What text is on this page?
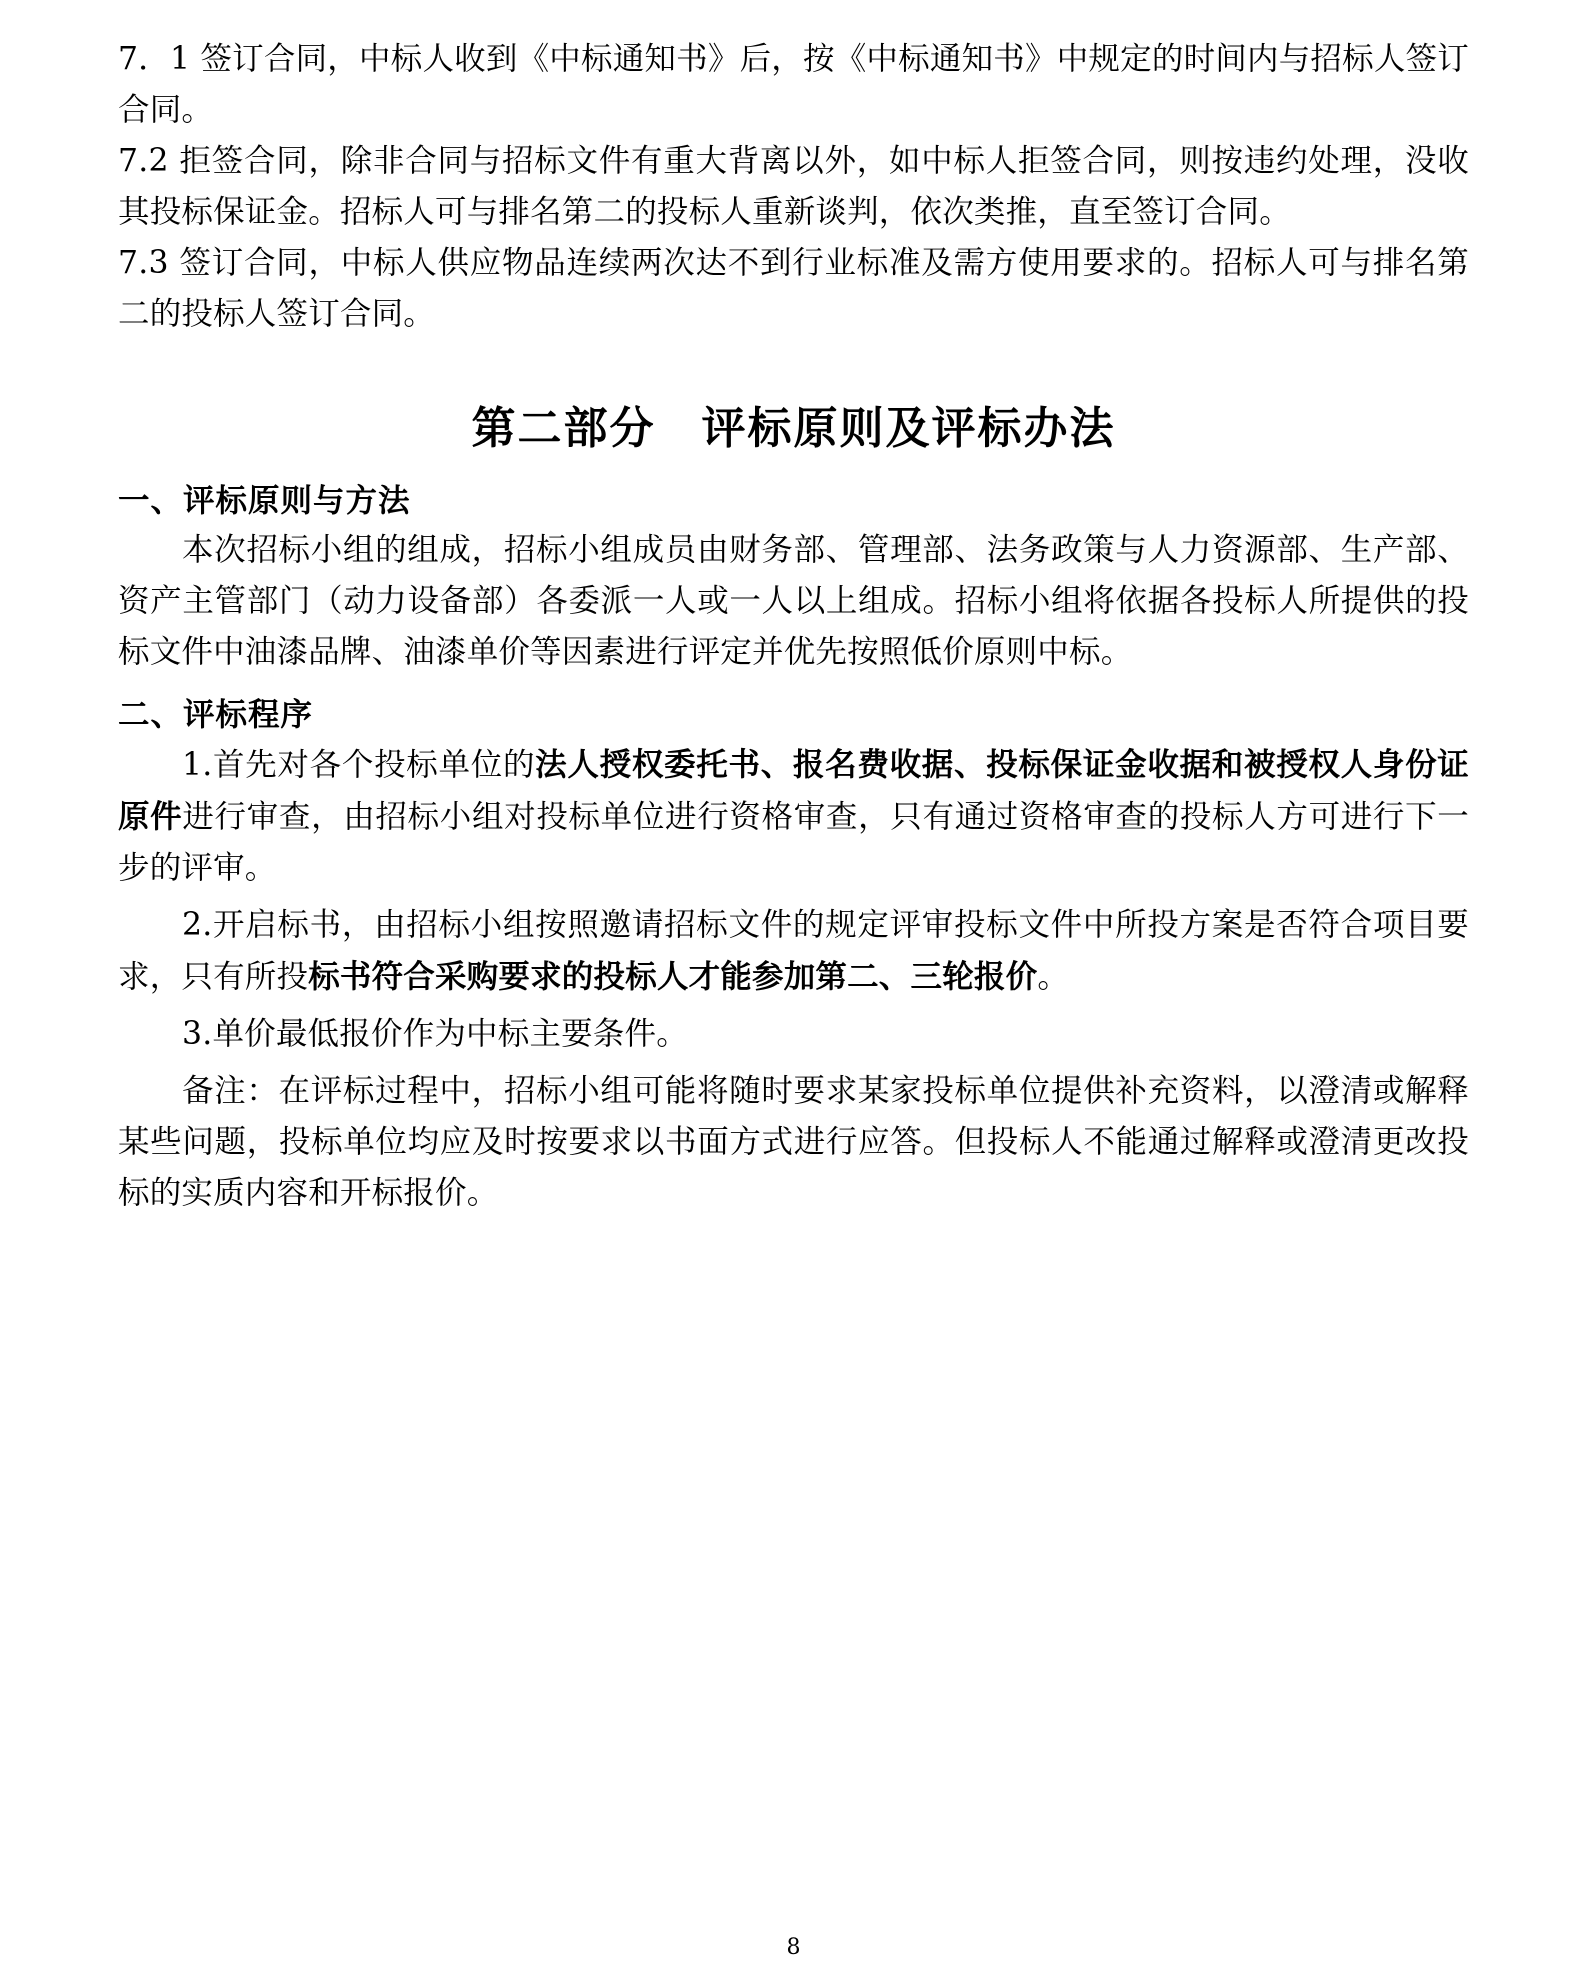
7．1 签订合同，中标人收到《中标通知书》后，按《中标通知书》中规定的时间内与招标人签订合同。

7.2 拒签合同，除非合同与招标文件有重大背离以外，如中标人拒签合同，则按违约处理，没收其投标保证金。招标人可与排名第二的投标人重新谈判，依次类推，直至签订合同。

7.3 签订合同，中标人供应物品连续两次达不到行业标准及需方使用要求的。招标人可与排名第二的投标人签订合同。

第二部分 评标原则及评标办法
一、评标原则与方法

本次招标小组的组成，招标小组成员由财务部、管理部、法务政策与人力资源部、生产部、资产主管部门（动力设备部）各委派一人或一人以上组成。招标小组将依据各投标人所提供的投标文件中油漆品牌、油漆单价等因素进行评定并优先按照低价原则中标。

二、评标程序

1.首先对各个投标单位的法人授权委托书、报名费收据、投标保证金收据和被授权人身份证原件进行审查，由招标小组对投标单位进行资格审查，只有通过资格审查的投标人方可进行下一步的评审。

2.开启标书，由招标小组按照邀请招标文件的规定评审投标文件中所投方案是否符合项目要求，只有所投标书符合采购要求的投标人才能参加第二、三轮报价。

3.单价最低报价作为中标主要条件。

备注：在评标过程中，招标小组可能将随时要求某家投标单位提供补充资料，以澄清或解释某些问题，投标单位均应及时按要求以书面方式进行应答。但投标人不能通过解释或澄清更改投标的实质内容和开标报价。

8
